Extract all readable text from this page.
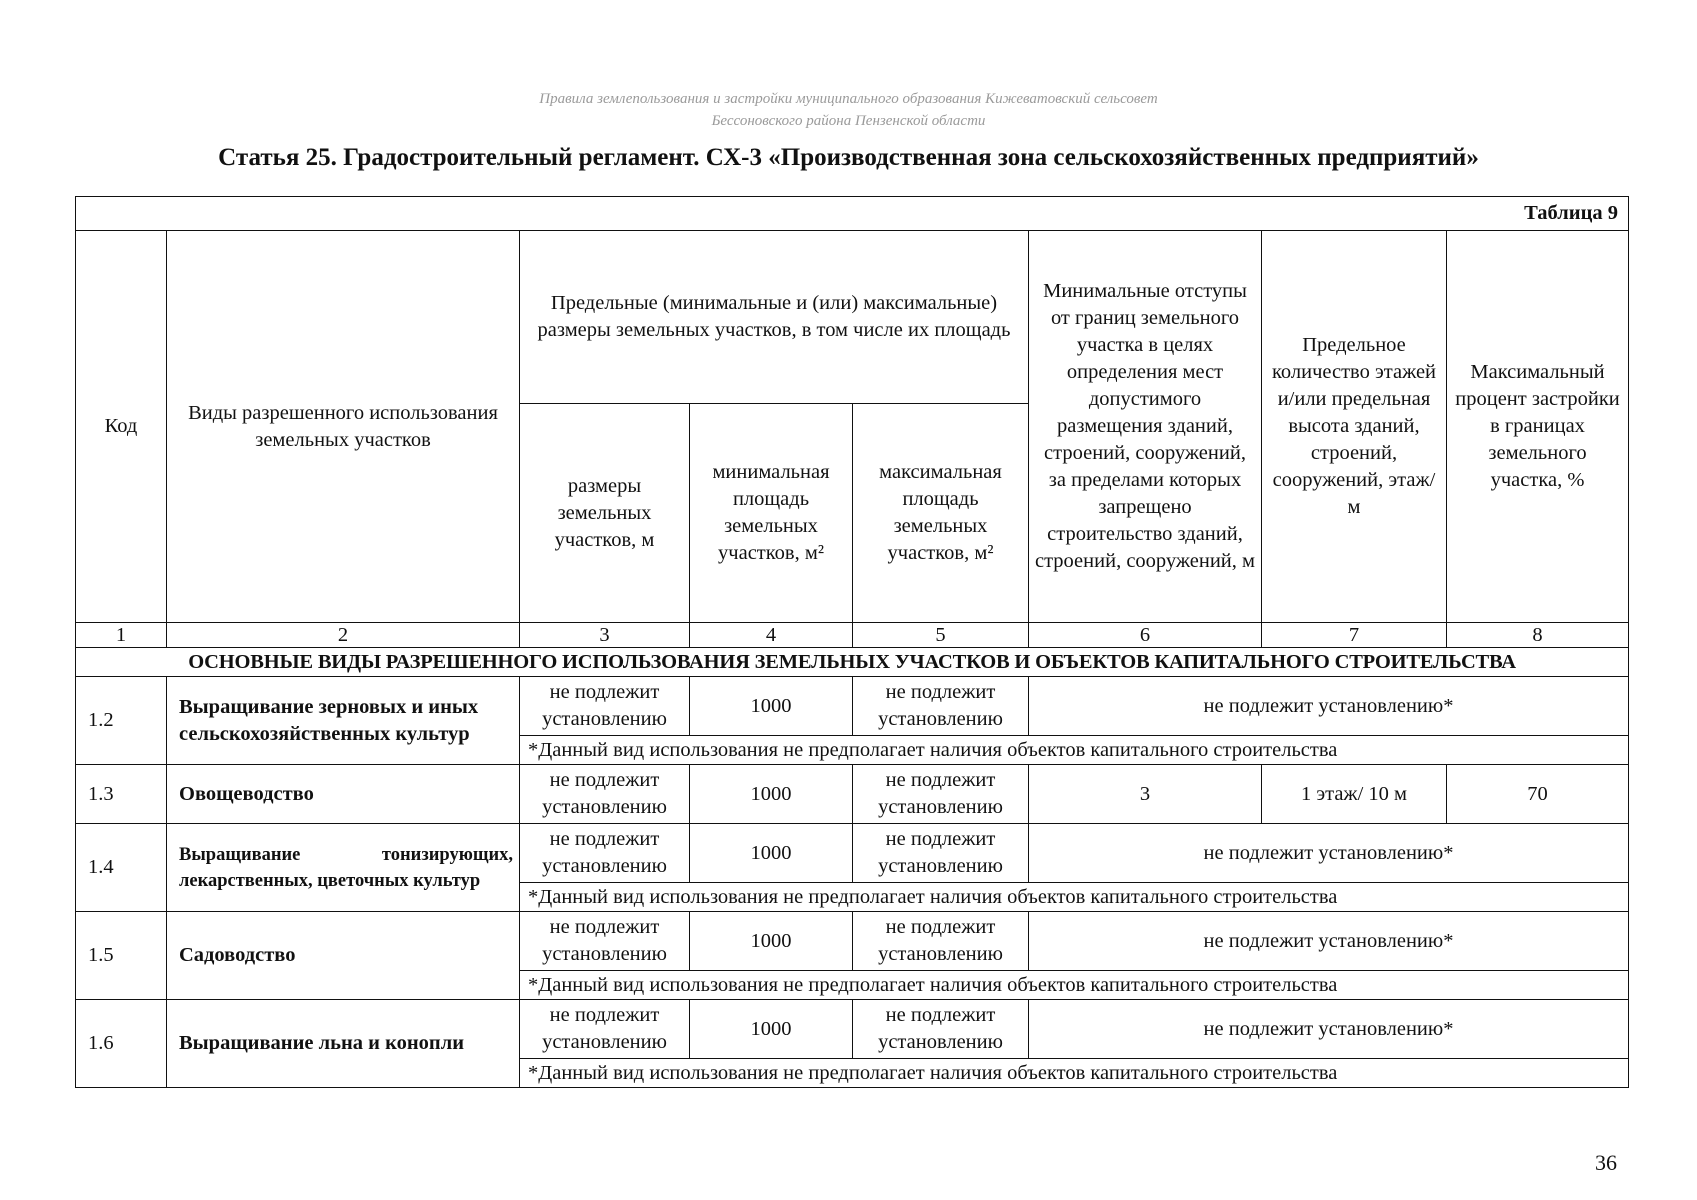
Правила землепользования и застройки муниципального образования Кижеватовский сельсовет
Бессоновского района Пензенской области
Статья 25. Градостроительный регламент. СХ-3 «Производственная зона сельскохозяйственных предприятий»
Таблица 9							
Код	Виды разрешенного использования земельных участков	Предельные (минимальные и (или) максимальные) размеры земельных участков, в том числе их площадь			Минимальные отступы от границ земельного участка в целях определения мест допустимого размещения зданий, строений, сооружений, за пределами которых запрещено строительство зданий, строений, сооружений, м	Предельное количество этажей и/или предельная высота зданий, строений, сооружений, этаж/м	Максимальный процент застройки в границах земельного участка, %
		размеры земельных участков, м	минимальная площадь земельных участков, м²	максимальная площадь земельных участков, м²			
1	2	3	4	5	6	7	8
ОСНОВНЫЕ ВИДЫ РАЗРЕШЕННОГО ИСПОЛЬЗОВАНИЯ ЗЕМЕЛЬНЫХ УЧАСТКОВ И ОБЪЕКТОВ КАПИТАЛЬНОГО СТРОИТЕЛЬСТВА							
1.2	Выращивание зерновых и иных сельскохозяйственных культур	не подлежит установлению	1000	не подлежит установлению	не подлежит установлению*		
		*Данный вид использования не предполагает наличия объектов капитального строительства					
1.3	Овощеводство	не подлежит установлению	1000	не подлежит установлению	3	1 этаж/ 10 м	70
1.4	Выращивание тонизирующих, лекарственных, цветочных культур	не подлежит установлению	1000	не подлежит установлению	не подлежит установлению*		
		*Данный вид использования не предполагает наличия объектов капитального строительства					
1.5	Садоводство	не подлежит установлению	1000	не подлежит установлению	не подлежит установлению*		
		*Данный вид использования не предполагает наличия объектов капитального строительства					
1.6	Выращивание льна и конопли	не подлежит установлению	1000	не подлежит установлению	не подлежит установлению*		
		*Данный вид использования не предполагает наличия объектов капитального строительства					
36
